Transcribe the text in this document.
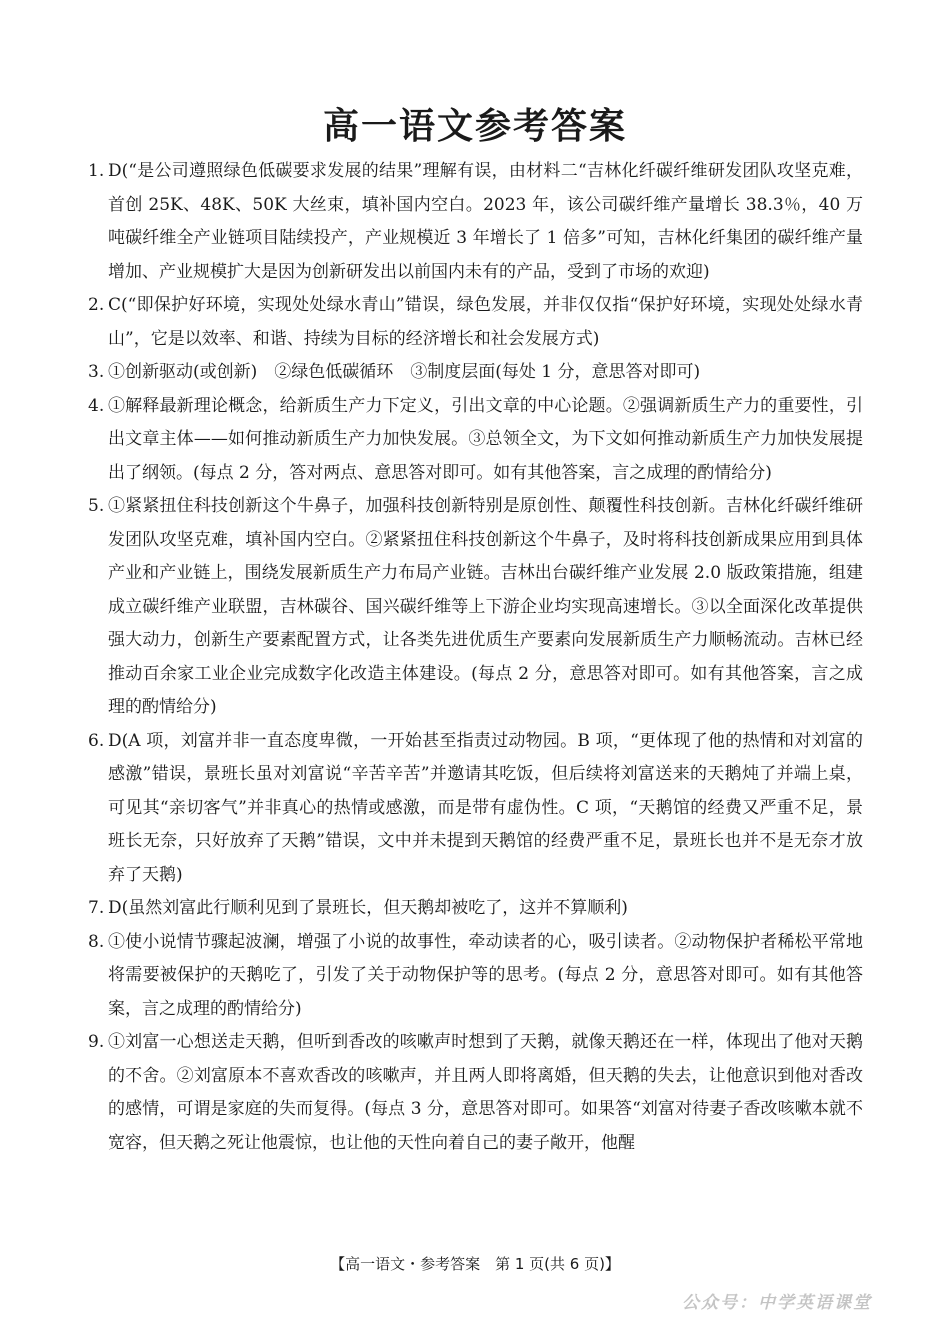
高一语文参考答案
1. D(“是公司遵照绿色低碳要求发展的结果”理解有误，由材料二“吉林化纤碳纤维研发团队攻坚克难，首创 25K、48K、50K 大丝束，填补国内空白。2023 年，该公司碳纤维产量增长 38.3％，40 万吨碳纤维全产业链项目陆续投产，产业规模近 3 年增长了 1 倍多”可知，吉林化纤集团的碳纤维产量增加、产业规模扩大是因为创新研发出以前国内未有的产品，受到了市场的欢迎)
2. C(“即保护好环境，实现处处绿水青山”错误，绿色发展，并非仅仅指“保护好环境，实现处处绿水青山”，它是以效率、和谐、持续为目标的经济增长和社会发展方式)
3. ①创新驱动(或创新)　②绿色低碳循环　③制度层面(每处 1 分，意思答对即可)
4. ①解释最新理论概念，给新质生产力下定义，引出文章的中心论题。②强调新质生产力的重要性，引出文章主体——如何推动新质生产力加快发展。③总领全文，为下文如何推动新质生产力加快发展提出了纲领。(每点 2 分，答对两点、意思答对即可。如有其他答案，言之成理的酌情给分)
5. ①紧紧扭住科技创新这个牛鼻子，加强科技创新特别是原创性、颠覆性科技创新。吉林化纤碳纤维研发团队攻坚克难，填补国内空白。②紧紧扭住科技创新这个牛鼻子，及时将科技创新成果应用到具体产业和产业链上，围绕发展新质生产力布局产业链。吉林出台碳纤维产业发展 2.0 版政策措施，组建成立碳纤维产业联盟，吉林碳谷、国兴碳纤维等上下游企业均实现高速增长。③以全面深化改革提供强大动力，创新生产要素配置方式，让各类先进优质生产要素向发展新质生产力顺畅流动。吉林已经推动百余家工业企业完成数字化改造主体建设。(每点 2 分，意思答对即可。如有其他答案，言之成理的酌情给分)
6. D(A 项，刘富并非一直态度卑微，一开始甚至指责过动物园。B 项，“更体现了他的热情和对刘富的感激”错误，景班长虽对刘富说“辛苦辛苦”并邀请其吃饭，但后续将刘富送来的天鹅炖了并端上桌，可见其“亲切客气”并非真心的热情或感激，而是带有虚伪性。C 项，“天鹅馆的经费又严重不足，景班长无奈，只好放弃了天鹅”错误，文中并未提到天鹅馆的经费严重不足，景班长也并不是无奈才放弃了天鹅)
7. D(虽然刘富此行顺利见到了景班长，但天鹅却被吃了，这并不算顺利)
8. ①使小说情节骤起波澜，增强了小说的故事性，牵动读者的心，吸引读者。②动物保护者稀松平常地将需要被保护的天鹅吃了，引发了关于动物保护等的思考。(每点 2 分，意思答对即可。如有其他答案，言之成理的酌情给分)
9. ①刘富一心想送走天鹅，但听到香改的咳嗽声时想到了天鹅，就像天鹅还在一样，体现出了他对天鹅的不舍。②刘富原本不喜欢香改的咳嗽声，并且两人即将离婚，但天鹅的失去，让他意识到他对香改的感情，可谓是家庭的失而复得。(每点 3 分，意思答对即可。如果答“刘富对待妻子香改咳嗽本就不宽容，但天鹅之死让他震惊，也让他的天性向着自己的妻子敞开，他醒
【高一语文・参考答案　第 1 页(共 6 页)】
公众号：中学英语课堂
